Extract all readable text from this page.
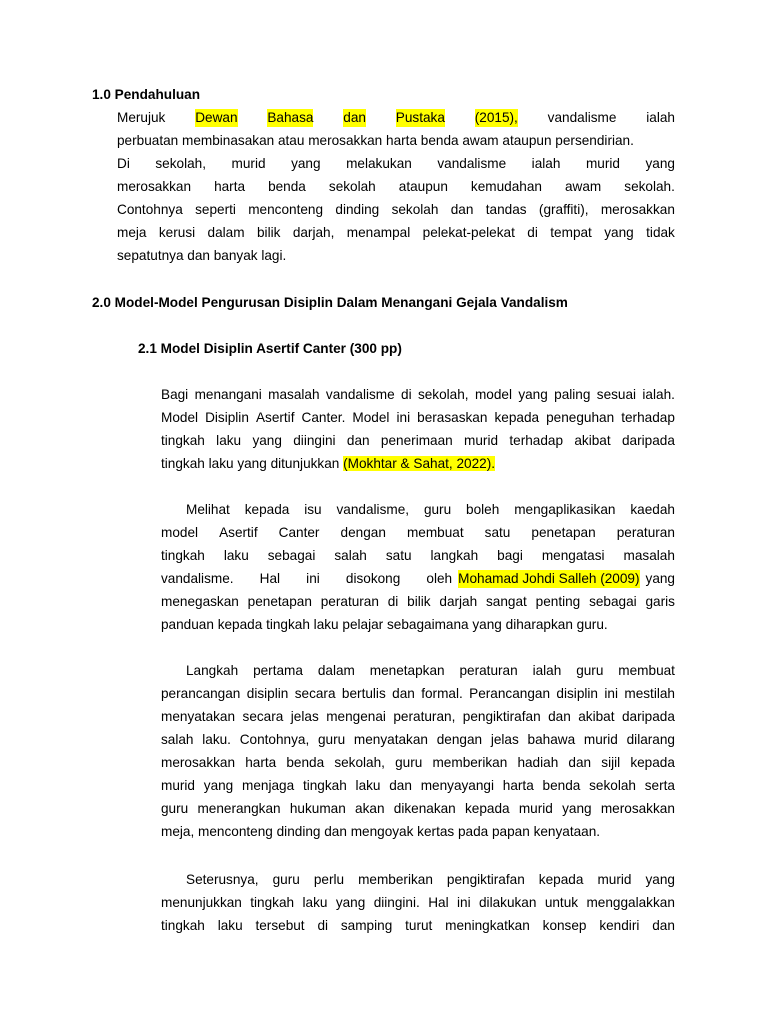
1.0 Pendahuluan
Merujuk Dewan Bahasa dan Pustaka (2015), vandalisme ialah
perbuatan membinasakan atau merosakkan harta benda awam ataupun persendirian.
Di sekolah, murid yang melakukan vandalisme ialah murid yang
merosakkan harta benda sekolah ataupun kemudahan awam sekolah.
Contohnya seperti menconteng dinding sekolah dan tandas (graffiti), merosakkan
meja kerusi dalam bilik darjah, menampal pelekat-pelekat di tempat yang tidak
sepatutnya dan banyak lagi.
2.0 Model-Model Pengurusan Disiplin Dalam Menangani Gejala Vandalism
2.1 Model Disiplin Asertif Canter (300 pp)
Bagi menangani masalah vandalisme di sekolah, model yang paling sesuai ialah.
Model Disiplin Asertif Canter. Model ini berasaskan kepada peneguhan terhadap
tingkah laku yang diingini dan penerimaan murid terhadap akibat daripada
tingkah laku yang ditunjukkan (Mokhtar & Sahat, 2022).
Melihat kepada isu vandalisme, guru boleh mengaplikasikan kaedah
model Asertif Canter dengan membuat satu penetapan peraturan
tingkah laku sebagai salah satu langkah bagi mengatasi masalah
vandalisme. Hal ini disokong oleh Mohamad Johdi Salleh (2009) yang
menegaskan penetapan peraturan di bilik darjah sangat penting sebagai garis
panduan kepada tingkah laku pelajar sebagaimana yang diharapkan guru.
Langkah pertama dalam menetapkan peraturan ialah guru membuat
perancangan disiplin secara bertulis dan formal. Perancangan disiplin ini mestilah
menyatakan secara jelas mengenai peraturan, pengiktirafan dan akibat daripada
salah laku. Contohnya, guru menyatakan dengan jelas bahawa murid dilarang
merosakkan harta benda sekolah, guru memberikan hadiah dan sijil kepada
murid yang menjaga tingkah laku dan menyayangi harta benda sekolah serta
guru menerangkan hukuman akan dikenakan kepada murid yang merosakkan
meja, menconteng dinding dan mengoyak kertas pada papan kenyataan.
Seterusnya, guru perlu memberikan pengiktirafan kepada murid yang
menunjukkan tingkah laku yang diingini. Hal ini dilakukan untuk menggalakkan
tingkah laku tersebut di samping turut meningkatkan konsep kendiri dan
